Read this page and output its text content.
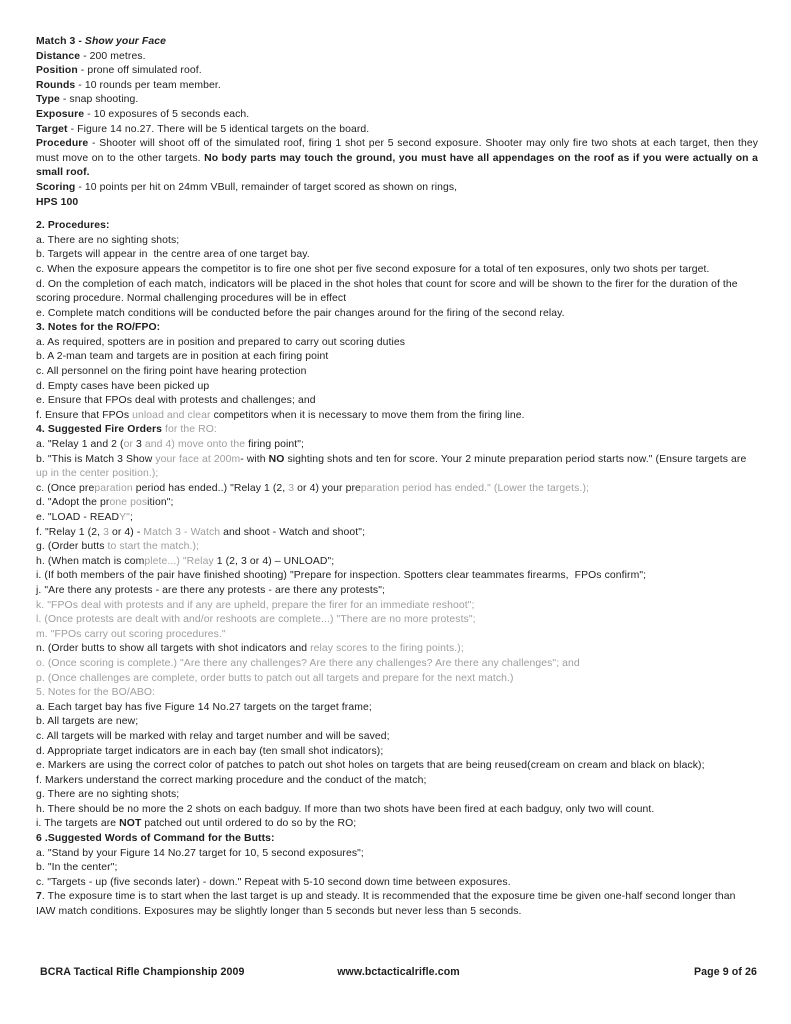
Match 3 - Show your Face
Distance - 200 metres.
Position - prone off simulated roof.
Rounds - 10 rounds per team member.
Type - snap shooting.
Exposure - 10 exposures of 5 seconds each.
Target - Figure 14 no.27. There will be 5 identical targets on the board.
Procedure - Shooter will shoot off of the simulated roof, firing 1 shot per 5 second exposure. Shooter may only fire two shots at each target, then they must move on to the other targets. No body parts may touch the ground, you must have all appendages on the roof as if you were actually on a small roof.
Scoring - 10 points per hit on 24mm VBull, remainder of target scored as shown on rings,
HPS 100
2. Procedures:
a. There are no sighting shots;
b. Targets will appear in  the centre area of one target bay.
c. When the exposure appears the competitor is to fire one shot per five second exposure for a total of ten exposures, only two shots per target.
d. On the completion of each match, indicators will be placed in the shot holes that count for score and will be shown to the firer for the duration of the scoring procedure. Normal challenging procedures will be in effect
e. Complete match conditions will be conducted before the pair changes around for the firing of the second relay.
3. Notes for the RO/FPO:
a. As required, spotters are in position and prepared to carry out scoring duties
b. A 2-man team and targets are in position at each firing point
c. All personnel on the firing point have hearing protection
d. Empty cases have been picked up
e. Ensure that FPOs deal with protests and challenges; and
f. Ensure that FPOs unload and clear competitors when it is necessary to move them from the firing line.
4. Suggested Fire Orders for the RO:
a. "Relay 1 and 2 (or 3 and 4) move onto the firing point";
b. "This is Match 3 Show your face at 200m- with NO sighting shots and ten for score. Your 2 minute preparation period starts now." (Ensure targets are up in the center position.);
c. (Once preparation period has ended..) "Relay 1 (2, 3 or 4) your preparation period has ended." (Lower the targets.);
d. "Adopt the prone position";
e. "LOAD - READY";
f. "Relay 1 (2, 3 or 4) - Match 3 - Watch and shoot - Watch and shoot";
g. (Order butts to start the match.);
h. (When match is complete...) "Relay 1 (2, 3 or 4) – UNLOAD";
i. (If both members of the pair have finished shooting) "Prepare for inspection. Spotters clear teammates firearms,  FPOs confirm";
j. "Are there any protests - are there any protests - are there any protests";
k. "FPOs deal with protests and if any are upheld, prepare the firer for an immediate reshoot";
l. (Once protests are dealt with and/or reshoots are complete...) "There are no more protests";
m. "FPOs carry out scoring procedures."
n. (Order butts to show all targets with shot indicators and relay scores to the firing points.);
o. (Once scoring is complete.) "Are there any challenges? Are there any challenges? Are there any challenges"; and
p. (Once challenges are complete, order butts to patch out all targets and prepare for the next match.)
5. Notes for the BO/ABO:
a. Each target bay has five Figure 14 No.27 targets on the target frame;
b. All targets are new;
c. All targets will be marked with relay and target number and will be saved;
d. Appropriate target indicators are in each bay (ten small shot indicators);
e. Markers are using the correct color of patches to patch out shot holes on targets that are being reused(cream on cream and black on black);
f. Markers understand the correct marking procedure and the conduct of the match;
g. There are no sighting shots;
h. There should be no more the 2 shots on each badguy. If more than two shots have been fired at each badguy, only two will count.
i. The targets are NOT patched out until ordered to do so by the RO;
6 .Suggested Words of Command for the Butts:
a. "Stand by your Figure 14 No.27 target for 10, 5 second exposures";
b. "In the center";
c. "Targets - up (five seconds later) - down." Repeat with 5-10 second down time between exposures.
7. The exposure time is to start when the last target is up and steady. It is recommended that the exposure time be given one-half second longer than IAW match conditions. Exposures may be slightly longer than 5 seconds but never less than 5 seconds.
BCRA Tactical Rifle Championship 2009	www.bctacticalrifle.com	Page 9 of 26
